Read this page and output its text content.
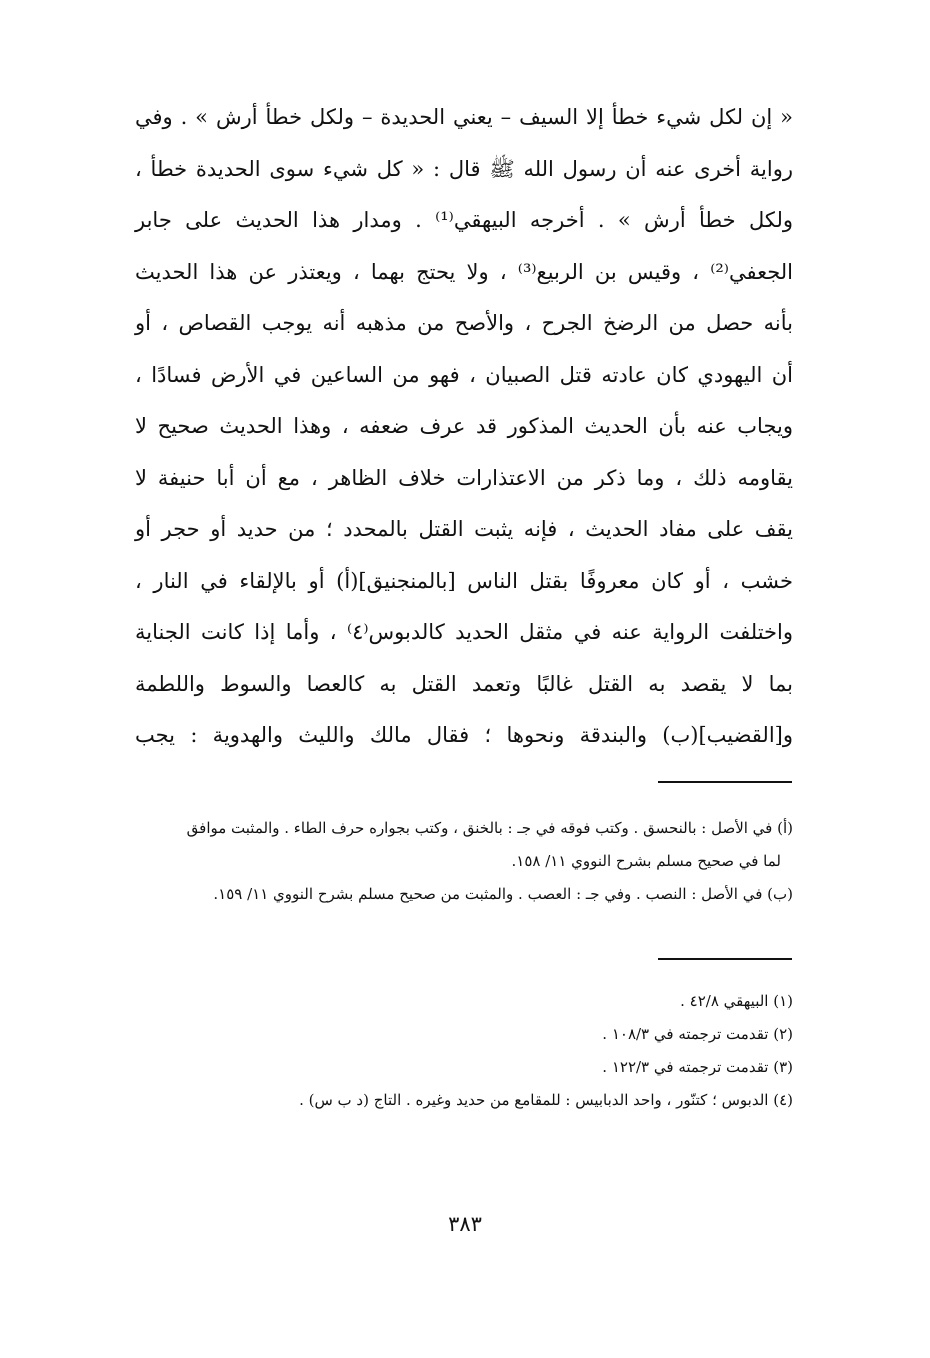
« إن لكل شيء خطأ إلا السيف – يعني الحديدة – ولكل خطأ أرش » . وفي
رواية أخرى عنه أن رسول الله ﷺ قال : « كل شيء سوى الحديدة خطأ ،
ولكل خطأ أرش » . أخرجه البيهقي⁽¹⁾ . ومدار هذا الحديث على جابر
الجعفي⁽²⁾ ، وقيس بن الربيع⁽³⁾ ، ولا يحتج بهما ، ويعتذر عن هذا الحديث
بأنه حصل من الرضخ الجرح ، والأصح من مذهبه أنه يوجب القصاص ، أو
أن اليهودي كان عادته قتل الصبيان ، فهو من الساعين في الأرض فسادًا ،
ويجاب عنه بأن الحديث المذكور قد عرف ضعفه ، وهذا الحديث صحيح لا
يقاومه ذلك ، وما ذكر من الاعتذارات خلاف الظاهر ، مع أن أبا حنيفة لا
يقف على مفاد الحديث ، فإنه يثبت القتل بالمحدد ؛ من حديد أو حجر أو
خشب ، أو كان معروفًا بقتل الناس [بالمنجنيق](أ) أو بالإلقاء في النار ،
واختلفت الرواية عنه في مثقل الحديد كالدبوس⁽٤⁾ ، وأما إذا كانت الجناية
بما لا يقصد به القتل غالبًا وتعمد القتل به كالعصا والسوط واللطمة
و[القضيب](ب) والبندقة ونحوها ؛ فقال مالك والليث والهدوية : يجب
(أ) في الأصل : بالنحسق . وكتب فوقه في جـ : بالخنق ، وكتب بجواره حرف الطاء . والمثبت موافق
لما في صحيح مسلم بشرح النووي ١١/ ١٥٨.
(ب) في الأصل : النصب . وفي جـ : العصب . والمثبت من صحيح مسلم بشرح النووي ١١/ ١٥٩.
(١) البيهقي ٤٢/٨ .
(٢) تقدمت ترجمته في ١٠٨/٣ .
(٣) تقدمت ترجمته في ١٢٢/٣ .
(٤) الدبوس ؛ كتنّور ، واحد الدبابيس : للمقامع من حديد وغيره . التاج (د ب س) .
٣٨٣
